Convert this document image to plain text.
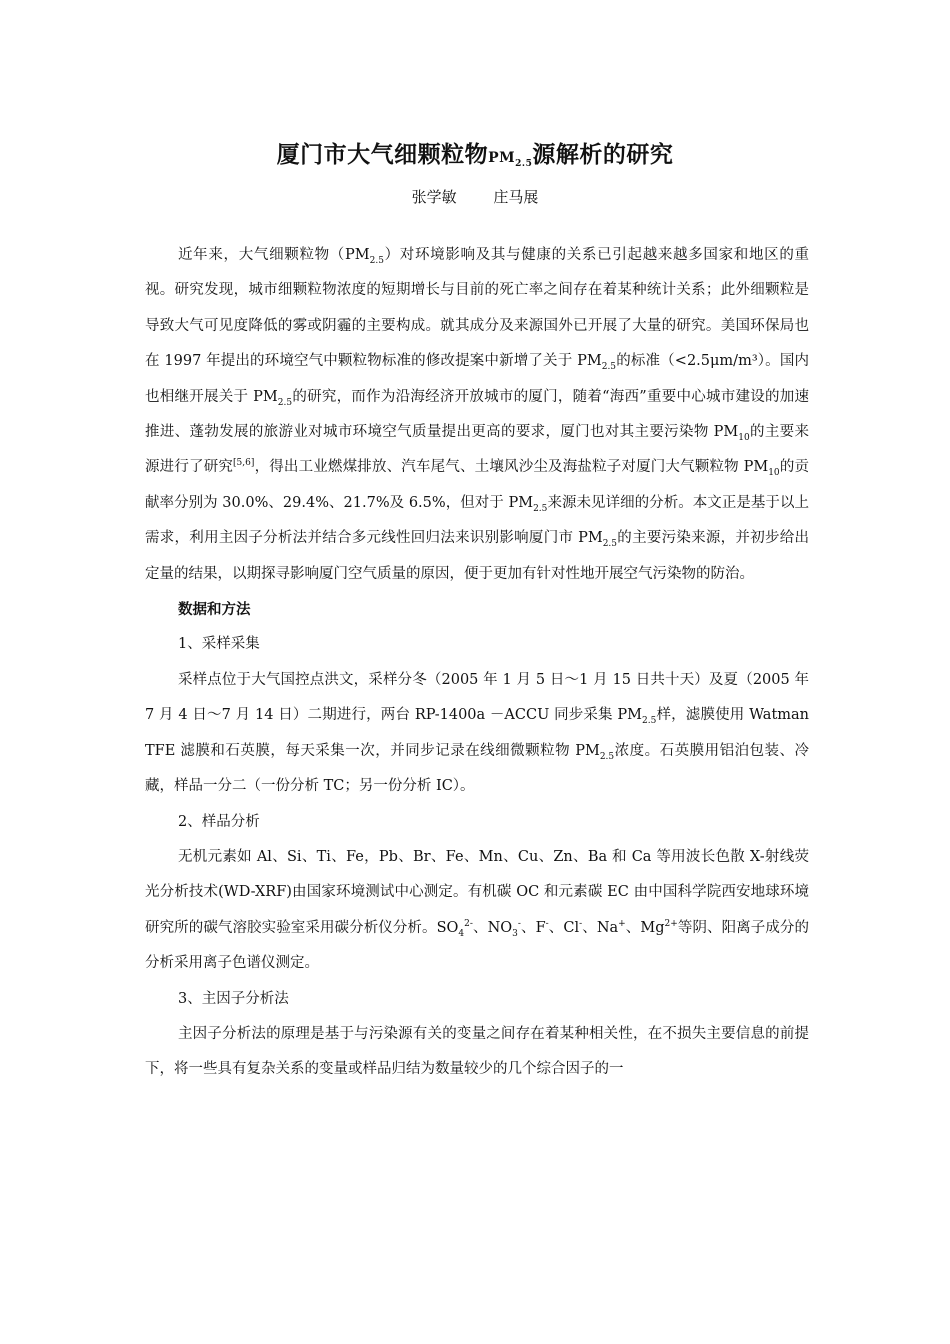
厦门市大气细颗粒物$PM_{2.5}$源解析的研究
张学敏 庄马展

近年来，大气细颗粒物$(PM_{2.5})$对环境影响及其与健康的关系已引起越来越多国家和地区的重视。研究发现，城市细颗粒物浓度的短期增长与目前的死亡率之间存在着某种统计关系；此外细颗粒是导致大气可见度降低的雾或阴霾的主要构成。就其成分及来源国外已开展了大量的研究。美国环保局也在 1997 年提出的环境空气中颗粒物标准的修改提案中新增了关于 $PM_{2.5}$的标准（<2.5μm/m³）。国内也相继开展关于 $PM_{2.5}$的研究，而作为沿海经济开放城市的厦门，随着“海西”重要中心城市建设的加速推进、蓬勃发展的旅游业对城市环境空气质量提出更高的要求，厦门也对其主要污染物 $PM_{10}$的主要来源进行了研究[5,6]，得出工业燃煤排放、汽车尾气、土壤风沙尘及海盐粒子对厦门大气颗粒物 $PM_{10}$的贡献率分别为 30.0%、29.4%、21.7%及 6.5%，但对于 $PM_{2.5}$来源未见详细的分析。本文正是基于以上需求，利用主因子分析法并结合多元线性回归法来识别影响厦门市 $PM_{2.5}$的主要污染来源，并初步给出定量的结果，以期探寻影响厦门空气质量的原因，便于更加有针对性地开展空气污染物的防治。

数据和方法

1、采样采集

采样点位于大气国控点洪文，采样分冬（2005 年 1 月 5 日～1 月 15 日共十天）及夏（2005 年 7 月 4 日～7 月 14 日）二期进行，两台 RP-1400a －ACCU 同步采集 $PM_{2.5}$样，滤膜使用 Watman TFE 滤膜和石英膜，每天采集一次，并同步记录在线细微颗粒物 $PM_{2.5}$浓度。石英膜用铝泊包装、冷藏，样品一分二（一份分析 TC；另一份分析 IC）。

2、样品分析

无机元素如 Al、Si、Ti、Fe，Pb、Br、Fe、Mn、Cu、Zn、Ba 和 Ca 等用波长色散 X-射线荧光分析技术(WD-XRF)由国家环境测试中心测定。有机碳 OC 和元素碳 EC 由中国科学院西安地球环境研究所的碳气溶胶实验室采用碳分析仪分析。$SO_4^{2-}$、$NO_3^-$、F-、Cl-、Na+、$Mg^{2+}$等阴、阳离子成分的分析采用离子色谱仪测定。

3、主因子分析法

主因子分析法的原理是基于与污染源有关的变量之间存在着某种相关性，在不损失主要信息的前提下，将一些具有复杂关系的变量或样品归结为数量较少的几个综合因子的一
